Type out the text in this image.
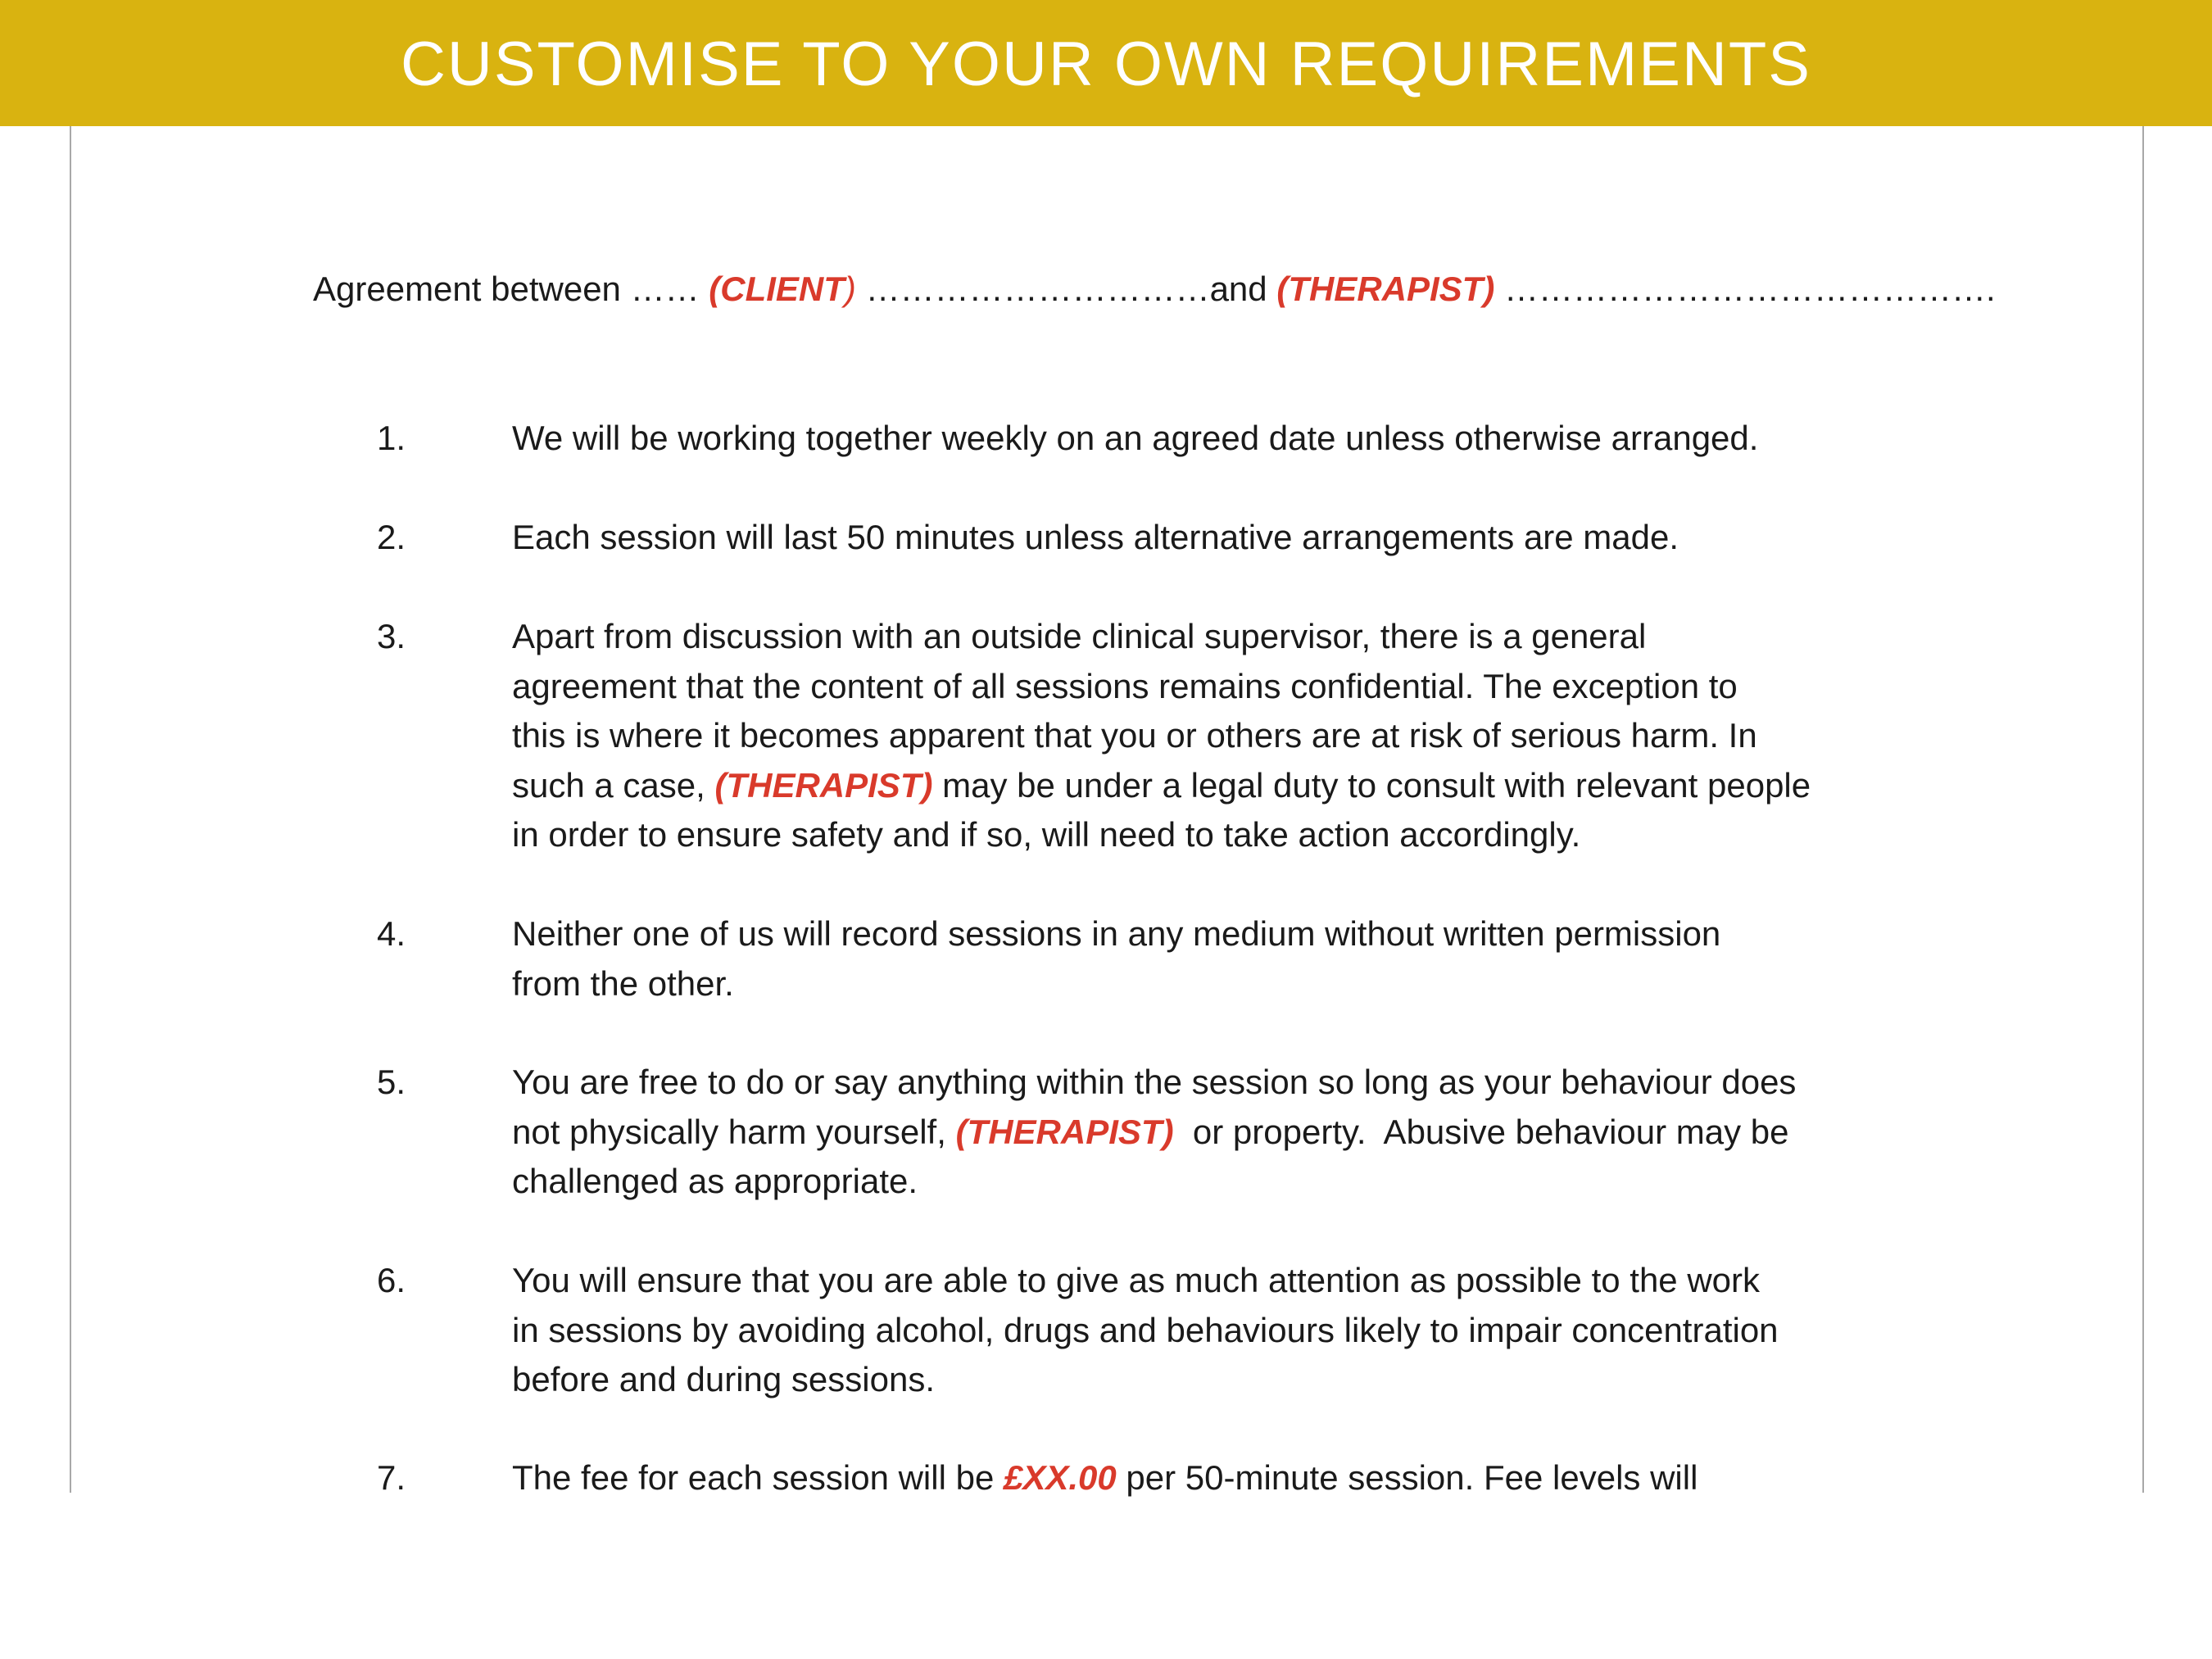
CUSTOMISE TO YOUR OWN REQUIREMENTS
Agreement between …… (CLIENT) …………………………and (THERAPIST) …………………………………….
1.	We will be working together weekly on an agreed date unless otherwise arranged.
2.	Each session will last 50 minutes unless alternative arrangements are made.
3.	Apart from discussion with an outside clinical supervisor, there is a general
agreement that the content of all sessions remains confidential. The exception to
this is where it becomes apparent that you or others are at risk of serious harm. In
such a case, (THERAPIST) may be under a legal duty to consult with relevant people
in order to ensure safety and if so, will need to take action accordingly.
4.	Neither one of us will record sessions in any medium without written permission
from the other.
5.	You are free to do or say anything within the session so long as your behaviour does
not physically harm yourself, (THERAPIST)  or property.  Abusive behaviour may be
challenged as appropriate.
6.	You will ensure that you are able to give as much attention as possible to the work
in sessions by avoiding alcohol, drugs and behaviours likely to impair concentration
before and during sessions.
7.	The fee for each session will be £XX.00 per 50-minute session. Fee levels will
